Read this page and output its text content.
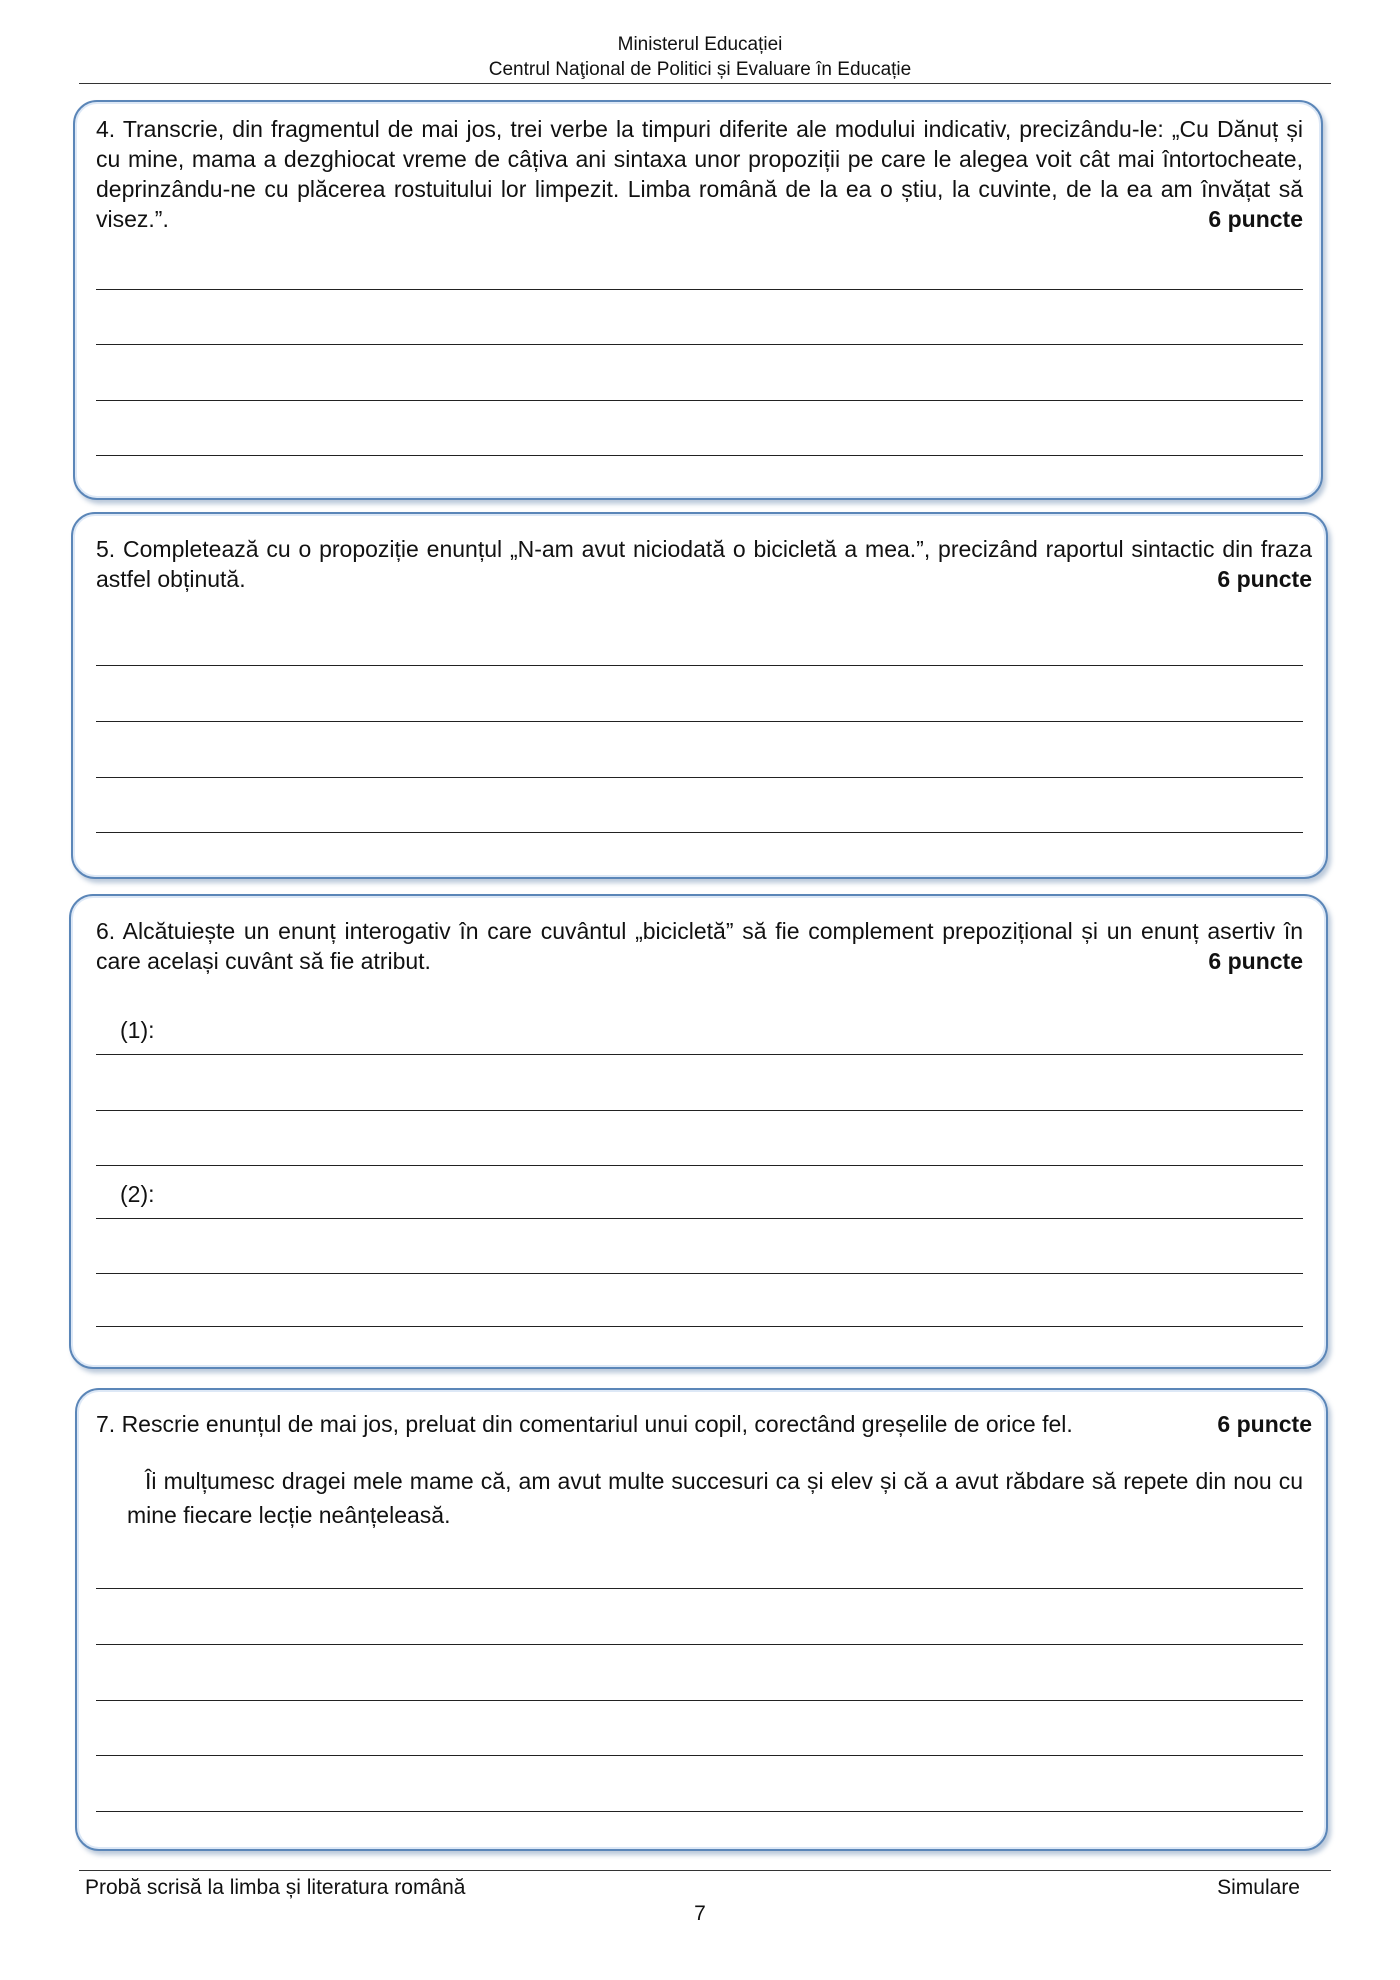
Ministerul Educației
Centrul Naţional de Politici și Evaluare în Educație
4. Transcrie, din fragmentul de mai jos, trei verbe la timpuri diferite ale modului indicativ, precizându-le: „Cu Dănuț și cu mine, mama a dezghiocat vreme de câțiva ani sintaxa unor propoziții pe care le alegea voit cât mai întortocheate, deprinzându-ne cu plăcerea rostuitului lor limpezit. Limba română de la ea o știu, la cuvinte, de la ea am învățat să visez.”.	6 puncte
5. Completează cu o propoziție enunțul „N-am avut niciodată o bicicletă a mea.”, precizând raportul sintactic din fraza astfel obținută.	6 puncte
6. Alcătuiește un enunț interogativ în care cuvântul „bicicletă” să fie complement prepozițional și un enunț asertiv în care același cuvânt să fie atribut.	6 puncte
(1):
(2):
7. Rescrie enunțul de mai jos, preluat din comentariul unui copil, corectând greșelile de orice fel.	6 puncte
Îi mulțumesc dragei mele mame că, am avut multe succesuri ca și elev și că a avut răbdare să repete din nou cu mine fiecare lecție neânțeleasă.
Probă scrisă la limba și literatura română	Simulare
7
